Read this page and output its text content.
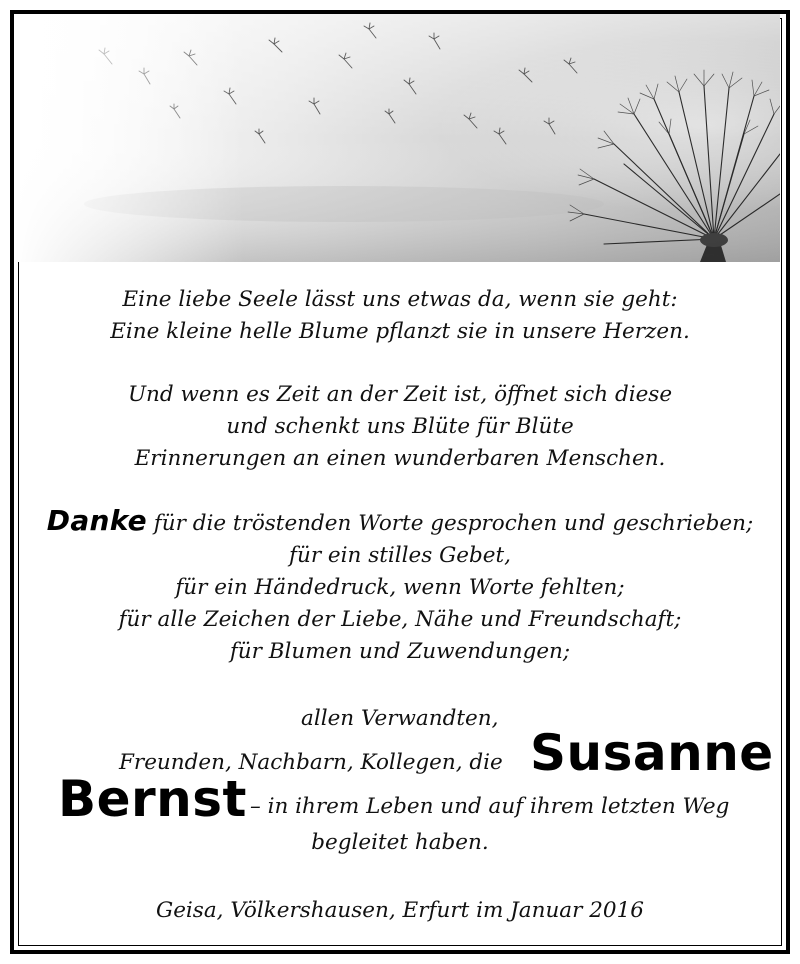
Eine liebe Seele lässt uns etwas da, wenn sie geht:
Eine kleine helle Blume pflanzt sie in unsere Herzen.
Und wenn es Zeit an der Zeit ist, öffnet sich diese
und schenkt uns Blüte für Blüte
Erinnerungen an einen wunderbaren Menschen.
Danke für die tröstenden Worte gesprochen und geschrieben;
für ein stilles Gebet,
für ein Händedruck, wenn Worte fehlten;
für alle Zeichen der Liebe, Nähe und Freundschaft;
für Blumen und Zuwendungen;
allen Verwandten,
Freunden, Nachbarn, Kollegen, die Susanne
Bernst – in ihrem Leben und auf ihrem letzten Weg
begleitet haben.
Geisa, Völkershausen, Erfurt im Januar 2016
